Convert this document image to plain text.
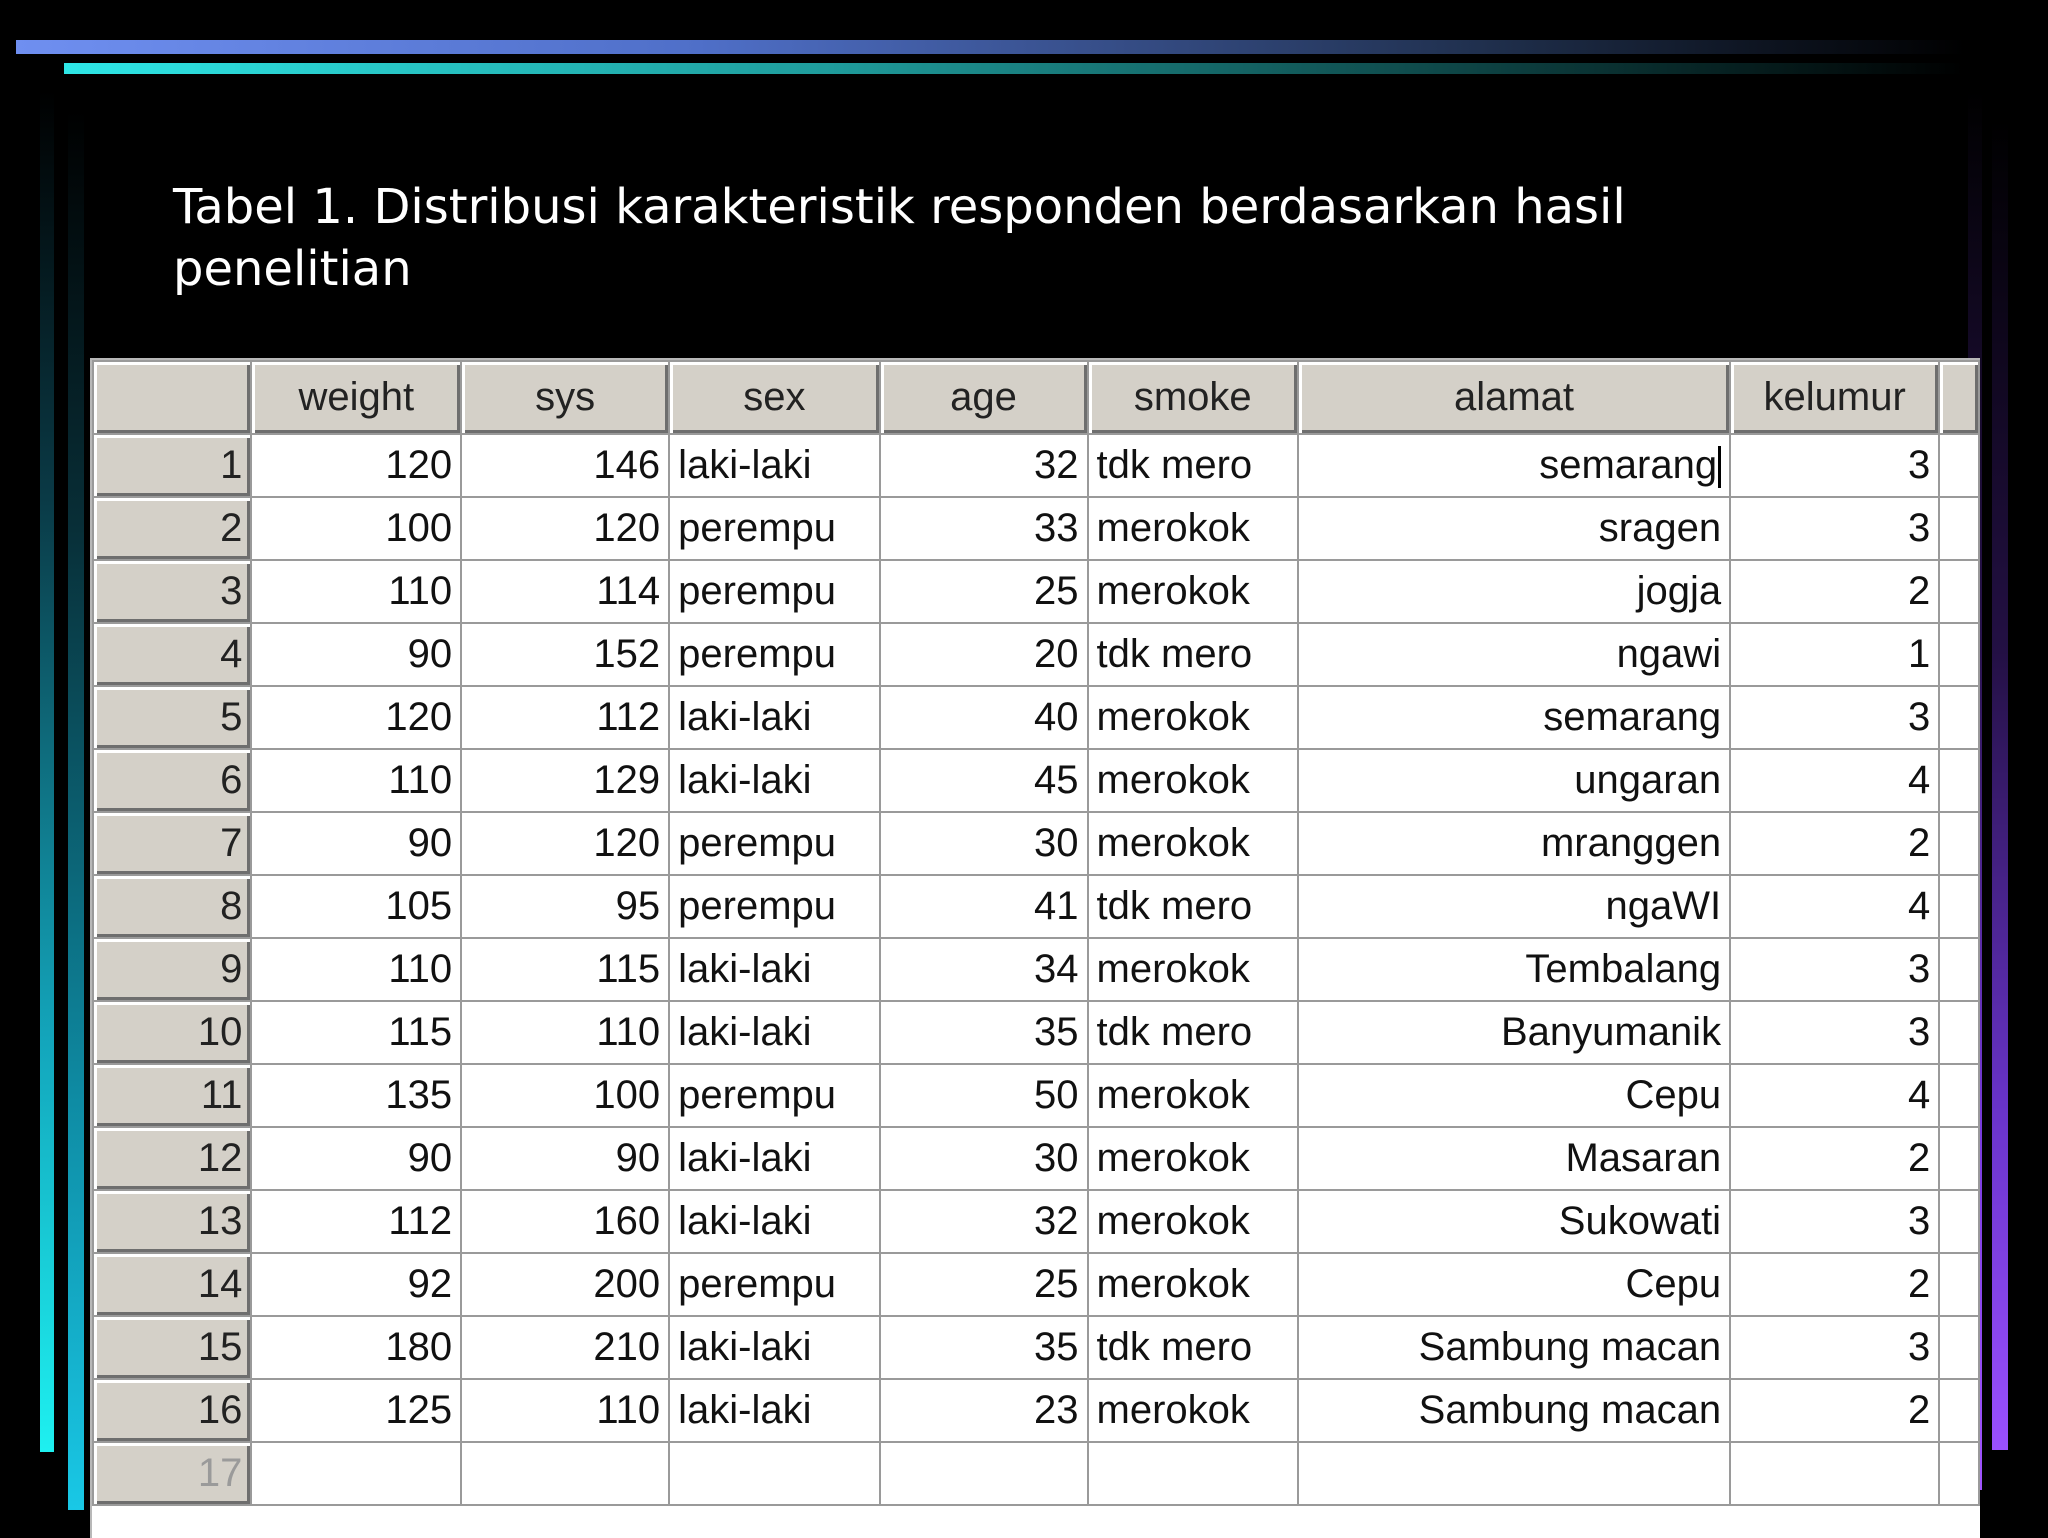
Tabel 1. Distribusi karakteristik responden berdasarkan hasil penelitian
	weight	sys	sex	age	smoke	alamat	kelumur	
1	120	146	laki-laki	32	tdk mero	semarang	3	
2	100	120	perempu	33	merokok	sragen	3	
3	110	114	perempu	25	merokok	jogja	2	
4	90	152	perempu	20	tdk mero	ngawi	1	
5	120	112	laki-laki	40	merokok	semarang	3	
6	110	129	laki-laki	45	merokok	ungaran	4	
7	90	120	perempu	30	merokok	mranggen	2	
8	105	95	perempu	41	tdk mero	ngaWI	4	
9	110	115	laki-laki	34	merokok	Tembalang	3	
10	115	110	laki-laki	35	tdk mero	Banyumanik	3	
11	135	100	perempu	50	merokok	Cepu	4	
12	90	90	laki-laki	30	merokok	Masaran	2	
13	112	160	laki-laki	32	merokok	Sukowati	3	
14	92	200	perempu	25	merokok	Cepu	2	
15	180	210	laki-laki	35	tdk mero	Sambung macan	3	
16	125	110	laki-laki	23	merokok	Sambung macan	2	
17								
